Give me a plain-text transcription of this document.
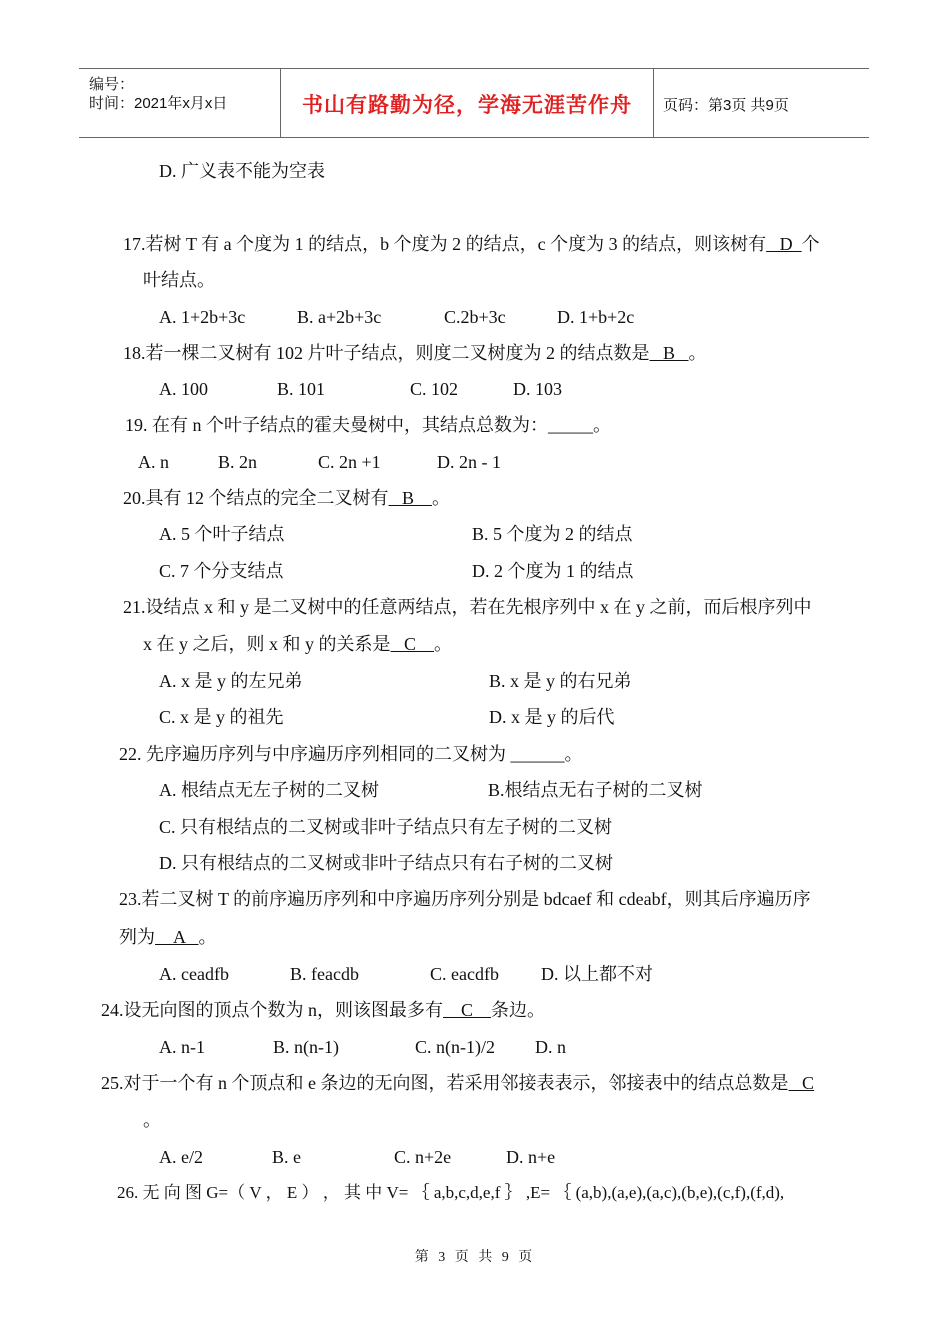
编号：
时间：2021年x月x日	书山有路勤为径，学海无涯苦作舟	页码：第3页 共9页
D. 广义表不能为空表
17.若树 T 有 a 个度为 1 的结点，b 个度为 2 的结点，c 个度为 3 的结点，则该树有   D  个
叶结点。
A. 1+2b+3c	B. a+2b+3c	C.2b+3c	D. 1+b+2c
18.若一棵二叉树有 102 片叶子结点，则度二叉树度为 2 的结点数是   B   。
A. 100	B. 101	C. 102	D. 103
19. 在有 n 个叶子结点的霍夫曼树中，其结点总数为：_____。
A. n	B. 2n	C. 2n +1	D. 2n - 1
20.具有 12 个结点的完全二叉树有   B    。
A. 5 个叶子结点	B. 5 个度为 2 的结点
C. 7 个分支结点	D. 2 个度为 1 的结点
21.设结点 x 和 y 是二叉树中的任意两结点，若在先根序列中 x 在 y 之前，而后根序列中
x 在 y 之后，则 x 和 y 的关系是   C    。
A. x 是 y 的左兄弟	B. x 是 y 的右兄弟
C. x 是 y 的祖先	D. x 是 y 的后代
22. 先序遍历序列与中序遍历序列相同的二叉树为 ______。
A. 根结点无左子树的二叉树	B.根结点无右子树的二叉树
C. 只有根结点的二叉树或非叶子结点只有左子树的二叉树
D. 只有根结点的二叉树或非叶子结点只有右子树的二叉树
23.若二叉树 T 的前序遍历序列和中序遍历序列分别是 bdcaef 和 cdeabf，则其后序遍历序
列为    A   。
A. ceadfb	B. feacdb	C. eacdfb D. 以上都不对
24.设无向图的顶点个数为 n，则该图最多有    C    条边。
A. n-1	B. n(n-1)	C. n(n-1)/2 D. n
25.对于一个有 n 个顶点和 e 条边的无向图，若采用邻接表表示，邻接表中的结点总数是   C
。
A. e/2	B. e	C. n+2e	D. n+e
26. 无 向 图 G=（ V ， E ） ， 其 中 V= ｛ a,b,c,d,e,f ｝ ,E= ｛ (a,b),(a,e),(a,c),(b,e),(c,f),(f,d),
第 3 页 共 9 页
